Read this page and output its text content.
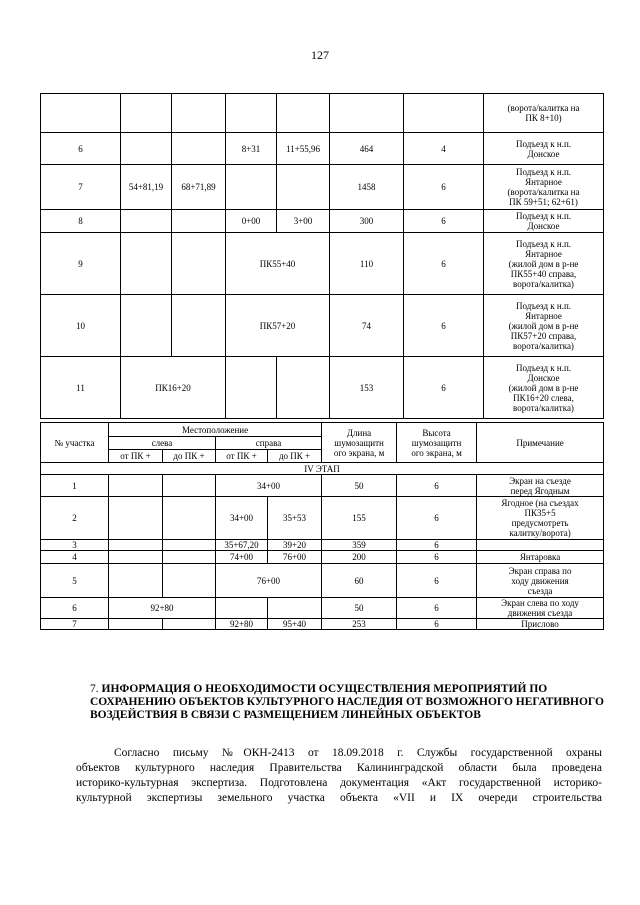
127
							(ворота/калитка на
ПК 8+10)
6			8+31	11+55,96	464	4	Подъезд к н.п.
Донское
7	54+81,19	68+71,89			1458	6	Подъезд к н.п.
Янтарное
(ворота/калитка на
ПК 59+51; 62+61)
8			0+00	3+00	300	6	Подъезд к н.п.
Донское
9			ПК55+40		110	6	Подъезд к н.п.
Янтарное
(жилой дом в р-не
ПК55+40 справа,
ворота/калитка)
10			ПК57+20		74	6	Подъезд к н.п.
Янтарное
(жилой дом в р-не
ПК57+20 справа,
ворота/калитка)
11	ПК16+20				153	6	Подъезд к н.п.
Донское
(жилой дом в р-не
ПК16+20 слева,
ворота/калитка)
№ участка	Местоположение				Длина
шумозащитн
ого экрана, м	Высота
шумозащитн
ого экрана, м	Примечание
	слева		справа				
	от ПК +	до ПК +	от ПК +	до ПК +			
IV ЭТАП							
1			34+00		50	6	Экран на съезде
перед Ягодным
2			34+00	35+53	155	6	Ягодное (на съездах
ПК35+5
предусмотреть
калитку/ворота)
3			35+67,20	39+20	359	6	
4			74+00	76+00	200	6	Янтаровка
5			76+00		60	6	Экран справа по
ходу движения
съезда
6	92+80				50	6	Экран слева по ходу
движения съезда
7			92+80	95+40	253	6	Прислово
7. ИНФОРМАЦИЯ О НЕОБХОДИМОСТИ ОСУЩЕСТВЛЕНИЯ МЕРОПРИЯТИЙ ПО СОХРАНЕНИЮ ОБЪЕКТОВ КУЛЬТУРНОГО НАСЛЕДИЯ ОТ ВОЗМОЖНОГО НЕГАТИВНОГО ВОЗДЕЙСТВИЯ В СВЯЗИ С РАЗМЕЩЕНИЕМ ЛИНЕЙНЫХ ОБЪЕКТОВ
Согласно письму №ОКН-2413 от 18.09.2018 г. Службы государственной охраны
объектов культурного наследия Правительства Калининградской области была проведена
историко-культурная экспертиза. Подготовлена документация «Акт государственной историко-
культурной экспертизы земельного участка объекта «VII и IX очереди строительства
